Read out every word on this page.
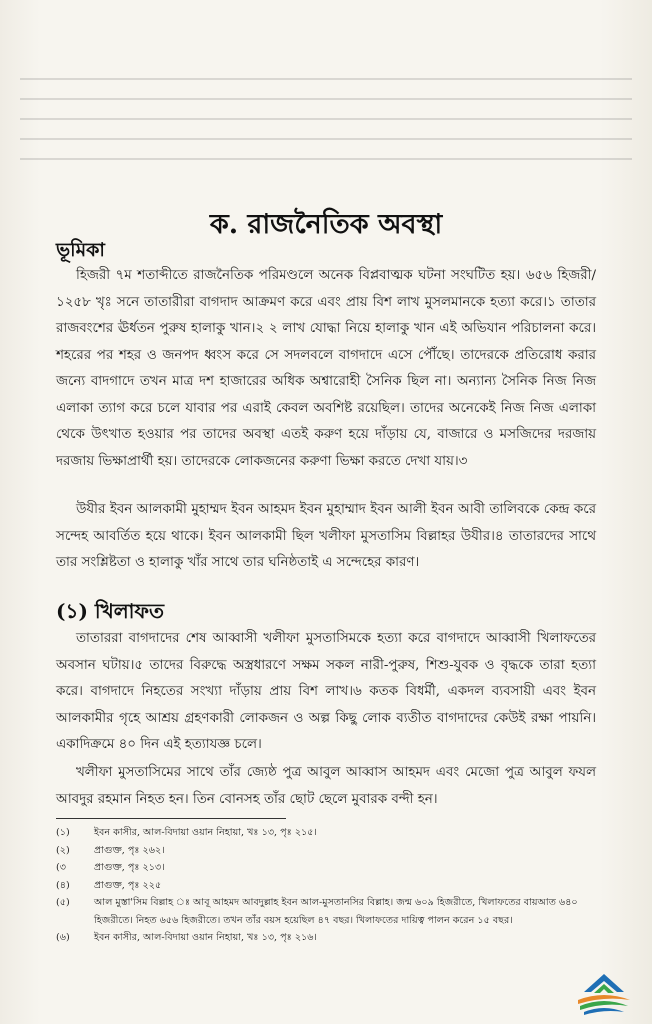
ক. রাজনৈতিক অবস্থা
ভূমিকা
হিজরী ৭ম শতাব্দীতে রাজনৈতিক পরিমণ্ডলে অনেক বিপ্লবাত্মক ঘটনা সংঘটিত হয়। ৬৫৬ হিজরী/১২৫৮ খৃঃ সনে তাতারীরা বাগদাদ আক্রমণ করে এবং প্রায় বিশ লাখ মুসলমানকে হত্যা করে।১ তাতার রাজবংশের ঊর্ধতন পুরুষ হালাকু খান।২ ২ লাখ যোদ্ধা নিয়ে হালাকু খান এই অভিযান পরিচালনা করে। শহরের পর শহর ও জনপদ ধ্বংস করে সে সদলবলে বাগদাদে এসে পৌঁছে। তাদেরকে প্রতিরোধ করার জন্যে বাদগাদে তখন মাত্র দশ হাজারের অধিক অশ্বারোহী সৈনিক ছিল না। অন্যান্য সৈনিক নিজ নিজ এলাকা ত্যাগ করে চলে যাবার পর এরাই কেবল অবশিষ্ট রয়েছিল। তাদের অনেকেই নিজ নিজ এলাকা থেকে উৎখাত হওয়ার পর তাদের অবস্থা এতই করুণ হয়ে দাঁড়ায় যে, বাজারে ও মসজিদের দরজায় দরজায় ভিক্ষাপ্রার্থী হয়। তাদেরকে লোকজনের করুণা ভিক্ষা করতে দেখা যায়।৩
উযীর ইবন আলকামী মুহাম্মদ ইবন আহমদ ইবন মুহাম্মাদ ইবন আলী ইবন আবী তালিবকে কেন্দ্র করে সন্দেহ আবর্তিত হয়ে থাকে। ইবন আলকামী ছিল খলীফা মুসতাসিম বিল্লাহর উযীর।৪ তাতারদের সাথে তার সংশ্লিষ্টতা ও হালাকু খাঁর সাথে তার ঘনিষ্ঠতাই এ সন্দেহের কারণ।
(১) খিলাফত
তাতাররা বাগদাদের শেষ আব্বাসী খলীফা মুসতাসিমকে হত্যা করে বাগদাদে আব্বাসী খিলাফতের অবসান ঘটায়।৫ তাদের বিরুদ্ধে অস্ত্রধারণে সক্ষম সকল নারী-পুরুষ, শিশু-যুবক ও বৃদ্ধকে তারা হত্যা করে। বাগদাদে নিহতের সংখ্যা দাঁড়ায় প্রায় বিশ লাখ।৬ কতক বিধর্মী, একদল ব্যবসায়ী এবং ইবন আলকামীর গৃহে আশ্রয় গ্রহণকারী লোকজন ও অল্প কিছু লোক ব্যতীত বাগদাদের কেউই রক্ষা পায়নি। একাদিক্রমে ৪০ দিন এই হত্যাযজ্ঞ চলে।
খলীফা মুসতাসিমের সাথে তাঁর জ্যেষ্ঠ পুত্র আবুল আব্বাস আহমদ এবং মেজো পুত্র আবুল ফযল আবদুর রহমান নিহত হন। তিন বোনসহ তাঁর ছোট ছেলে মুবারক বন্দী হন।
(১)	ইবন কাসীর, আল-বিদায়া ওয়ান নিহায়া, খঃ ১৩, পৃঃ ২১৫।
(২)	প্রাগুক্ত, পৃঃ ২৬২।
(৩	প্রাগুক্ত, পৃঃ ২১৩।
(৪)	প্রাগুক্ত, পৃঃ ২২৫
(৫)	আল মুস্তা'সিম বিল্লাহ ঃ আবূ আহমদ আবদুল্লাহ ইবন আল-মুসতানসির বিল্লাহ। জন্ম ৬০৯ হিজরীতে, খিলাফতের বায়আত ৬৪০ হিজরীতে। নিহত ৬৫৬ হিজরীতে। তখন তাঁর বয়স হয়েছিল ৪৭ বছর। খিলাফতের দায়িত্ব পালন করেন ১৫ বছর।
(৬)	ইবন কাসীর, আল-বিদায়া ওয়ান নিহায়া, খঃ ১৩, পৃঃ ২১৬।
